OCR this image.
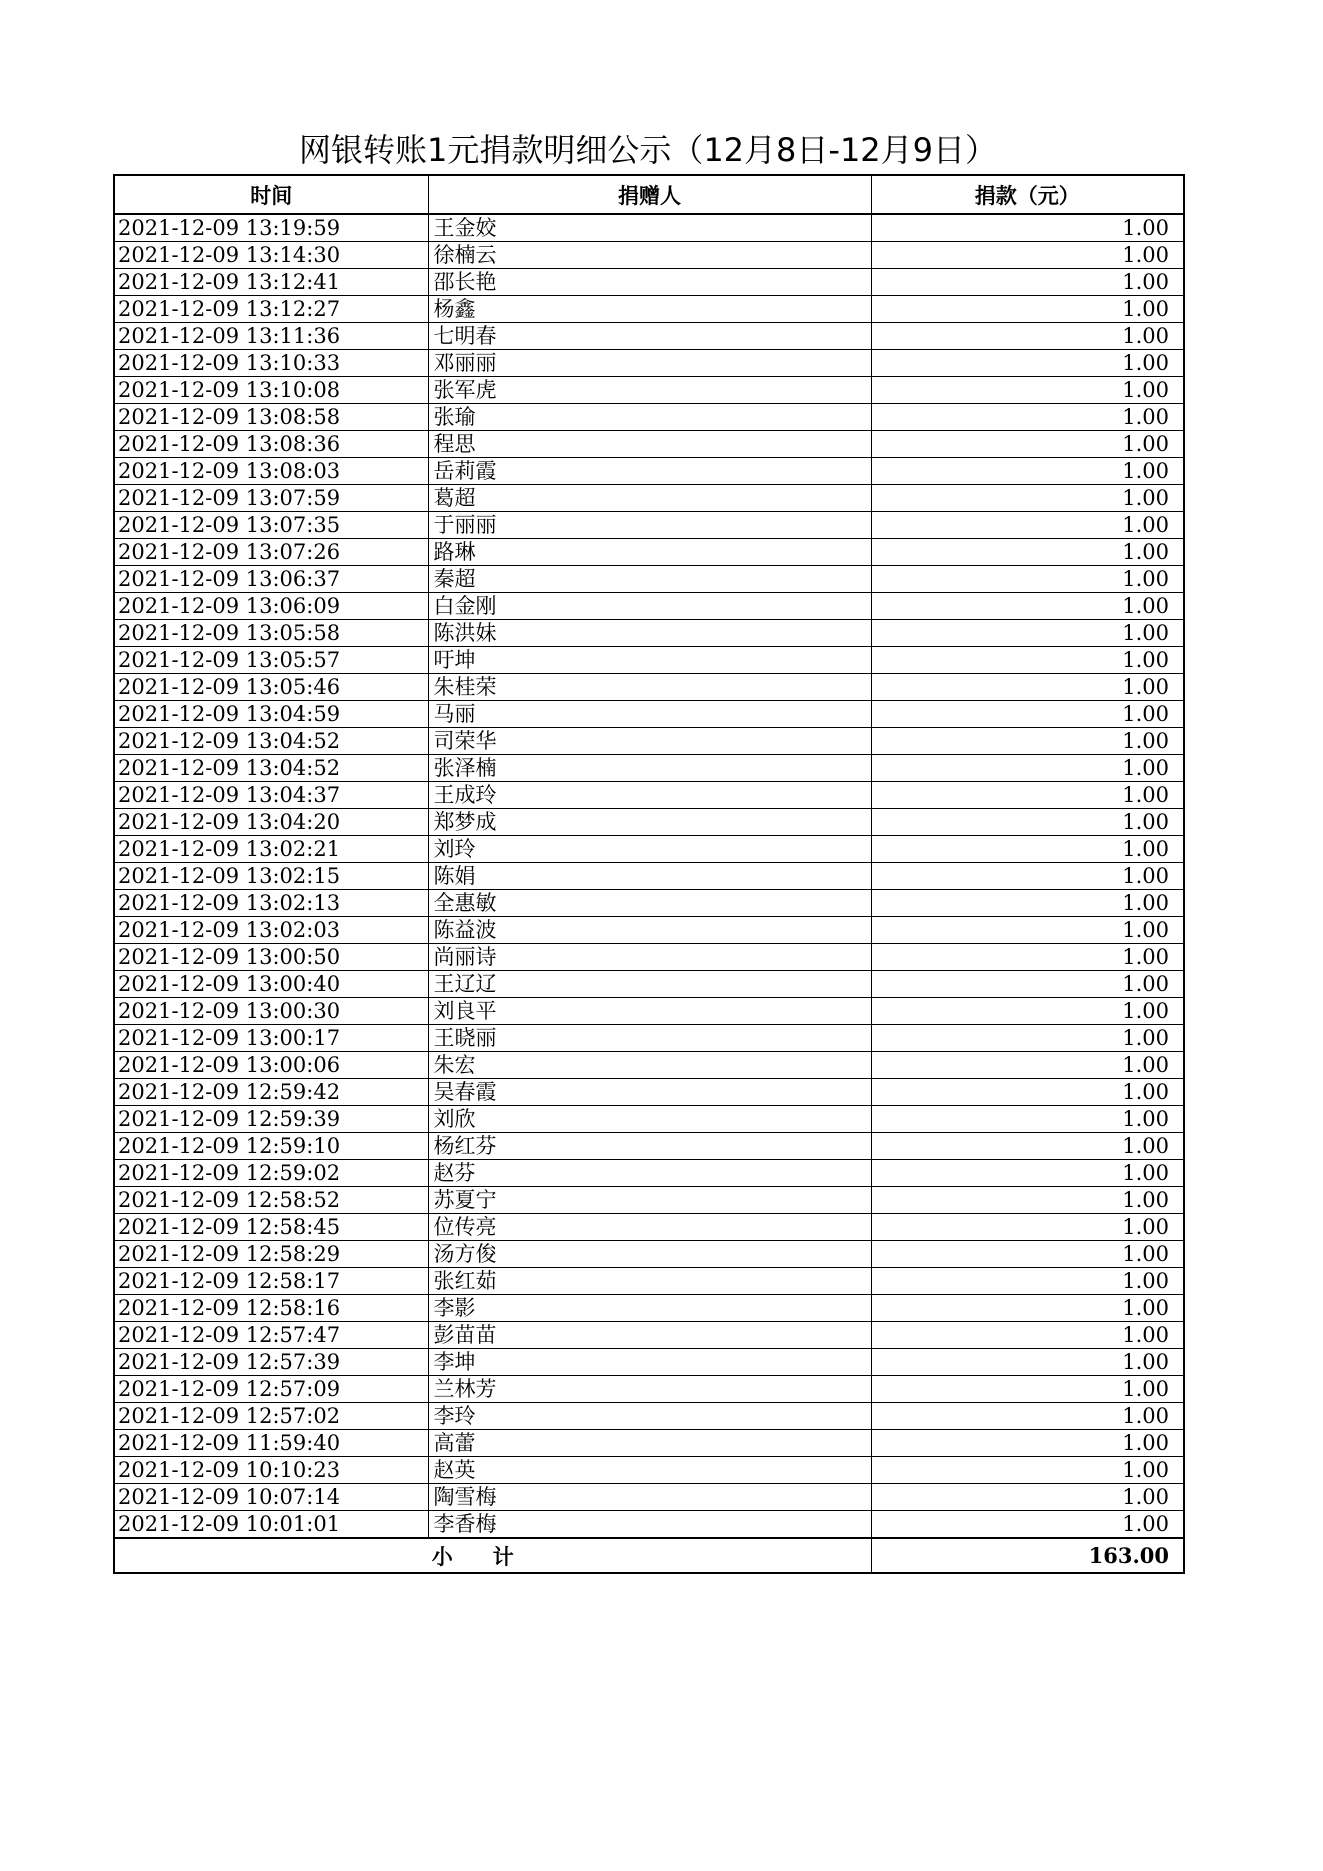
网银转账1元捐款明细公示（12月8日-12月9日）
时间	捐赠人	捐款（元）
2021-12-09 13:19:59	王金姣	1.00
2021-12-09 13:14:30	徐楠云	1.00
2021-12-09 13:12:41	邵长艳	1.00
2021-12-09 13:12:27	杨鑫	1.00
2021-12-09 13:11:36	七明春	1.00
2021-12-09 13:10:33	邓丽丽	1.00
2021-12-09 13:10:08	张军虎	1.00
2021-12-09 13:08:58	张瑜	1.00
2021-12-09 13:08:36	程思	1.00
2021-12-09 13:08:03	岳莉霞	1.00
2021-12-09 13:07:59	葛超	1.00
2021-12-09 13:07:35	于丽丽	1.00
2021-12-09 13:07:26	路琳	1.00
2021-12-09 13:06:37	秦超	1.00
2021-12-09 13:06:09	白金刚	1.00
2021-12-09 13:05:58	陈洪妹	1.00
2021-12-09 13:05:57	吁坤	1.00
2021-12-09 13:05:46	朱桂荣	1.00
2021-12-09 13:04:59	马丽	1.00
2021-12-09 13:04:52	司荣华	1.00
2021-12-09 13:04:52	张泽楠	1.00
2021-12-09 13:04:37	王成玲	1.00
2021-12-09 13:04:20	郑梦成	1.00
2021-12-09 13:02:21	刘玲	1.00
2021-12-09 13:02:15	陈娟	1.00
2021-12-09 13:02:13	全惠敏	1.00
2021-12-09 13:02:03	陈益波	1.00
2021-12-09 13:00:50	尚丽诗	1.00
2021-12-09 13:00:40	王辽辽	1.00
2021-12-09 13:00:30	刘良平	1.00
2021-12-09 13:00:17	王晓丽	1.00
2021-12-09 13:00:06	朱宏	1.00
2021-12-09 12:59:42	吴春霞	1.00
2021-12-09 12:59:39	刘欣	1.00
2021-12-09 12:59:10	杨红芬	1.00
2021-12-09 12:59:02	赵芬	1.00
2021-12-09 12:58:52	苏夏宁	1.00
2021-12-09 12:58:45	位传亮	1.00
2021-12-09 12:58:29	汤方俊	1.00
2021-12-09 12:58:17	张红茹	1.00
2021-12-09 12:58:16	李影	1.00
2021-12-09 12:57:47	彭苗苗	1.00
2021-12-09 12:57:39	李坤	1.00
2021-12-09 12:57:09	兰林芳	1.00
2021-12-09 12:57:02	李玲	1.00
2021-12-09 11:59:40	高蕾	1.00
2021-12-09 10:10:23	赵英	1.00
2021-12-09 10:07:14	陶雪梅	1.00
2021-12-09 10:01:01	李香梅	1.00
小计		163.00
